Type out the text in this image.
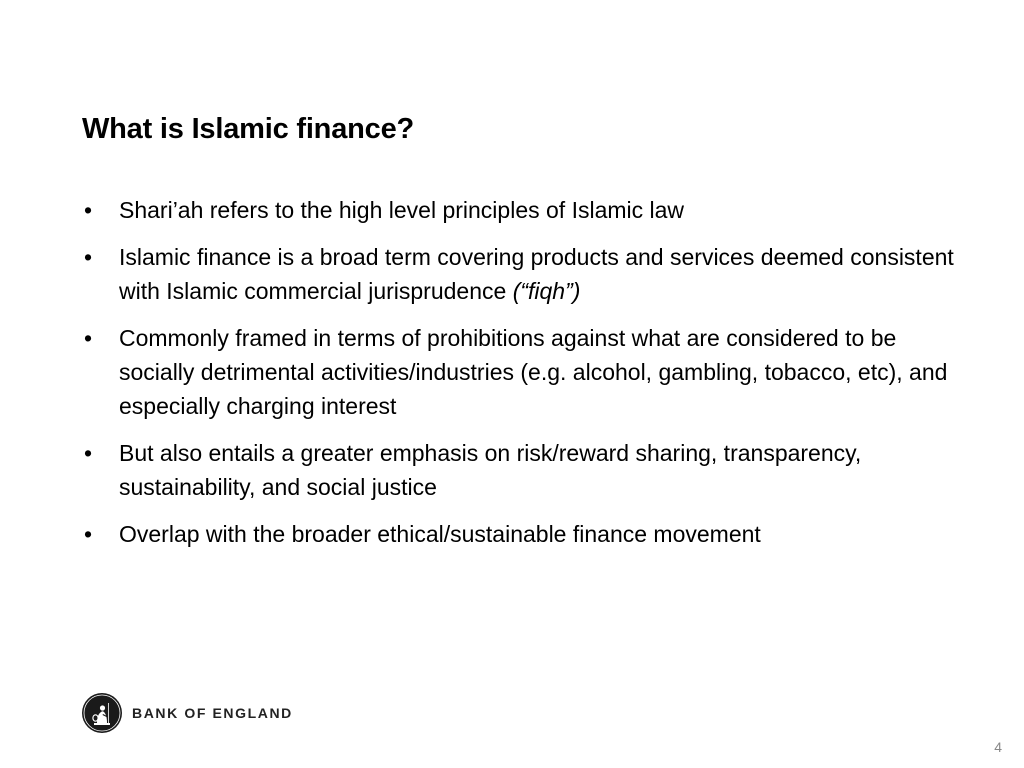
What is Islamic finance?
• Shari’ah refers to the high level principles of Islamic law
• Islamic finance is a broad term covering products and services deemed consistent with Islamic commercial jurisprudence (“fiqh”)
• Commonly framed in terms of prohibitions against what are considered to be socially detrimental activities/industries (e.g. alcohol, gambling, tobacco, etc), and especially charging interest
• But also entails a greater emphasis on risk/reward sharing, transparency, sustainability, and social justice
• Overlap with the broader ethical/sustainable finance movement
BANK OF ENGLAND
4
